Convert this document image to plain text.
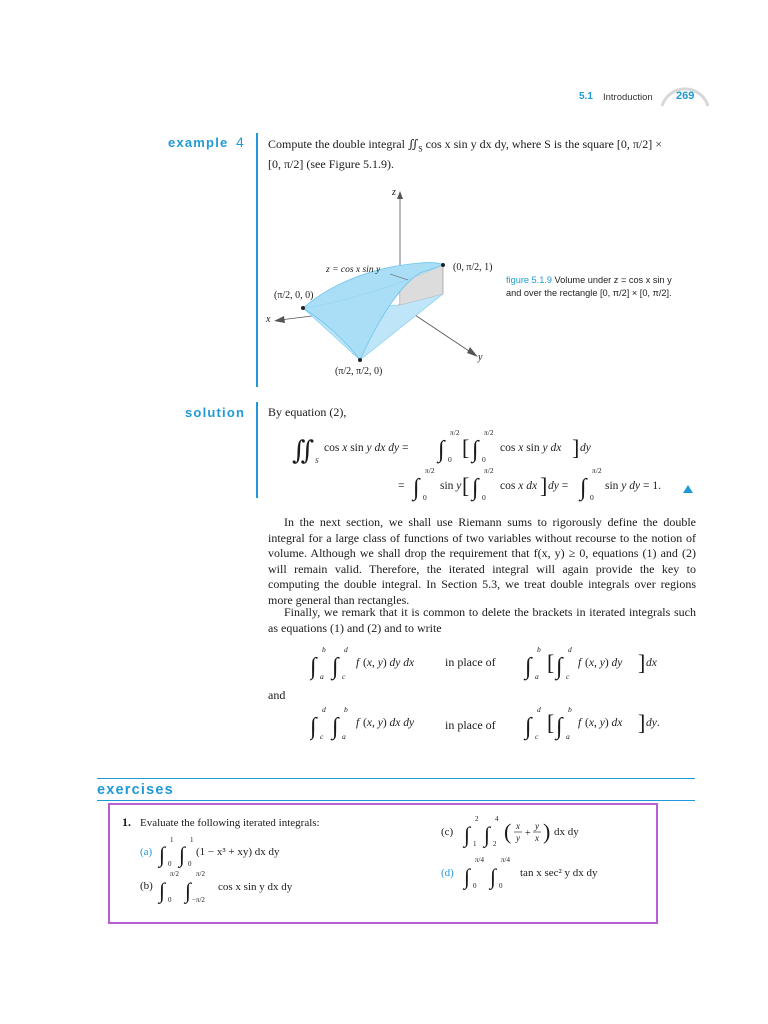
5.1 Introduction 269
example 4 Compute the double integral $∬_S$ cos x sin y dx dy, where S is the square [0, π/2] ×
[0, π/2] (see Figure 5.1.9).
z
x
y
z = cos x sin y	(0, π/2, 1)
(π/2, 0, 0)
(π/2, π/2, 0)
figure 5.1.9 Volume under z = cos x sin y
and over the rectangle [0, π/2] × [0, π/2].
solution By equation (2),
∬ S
cos x sin y dx dy = ∫
π/2
0 [ ∫
π/2
0
cos x sin y dx ] dy
= ∫
π/2
0
sin y [ ∫
π/2
0
cos x dx ] dy = ∫
π/2
0
sin y dy = 1.
In the next section, we shall use Riemann sums to rigorously define the double integral for a large class of functions of two variables without recourse to the notion of volume. Although we shall drop the requirement that f(x, y) ≥ 0, equations (1) and (2) will remain valid. Therefore, the iterated integral will again provide the key to computing the double integral. In Section 5.3, we treat double integrals over regions more general than rectangles.
Finally, we remark that it is common to delete the brackets in iterated integrals such as equations (1) and (2) and to write
∫
b
a ∫
d
c
f (x, y) dy dx	∫
b
a
[ ∫
d
c
f (x, y) dy ] dx
∫
d
c ∫
b
a
f (x, y) dx dy	∫
d
c
[ ∫
b
a
f (x, y) dx ] dy.
in place of
in place of
and
exercises
1. Evaluate the following iterated integrals:
(a)
(b)
(c)
(d)
∫
1
0 ∫
1
0
∫
π/2
0 ∫
π/2
−π/2
(1 − x³ + xy) dx dy
cos x sin y dx dy
∫
2
1 ∫
4
2 ( x
y +
y
x )
∫
π/4
0 ∫
π/4
0
dx dy
tan x sec² y dx dy
